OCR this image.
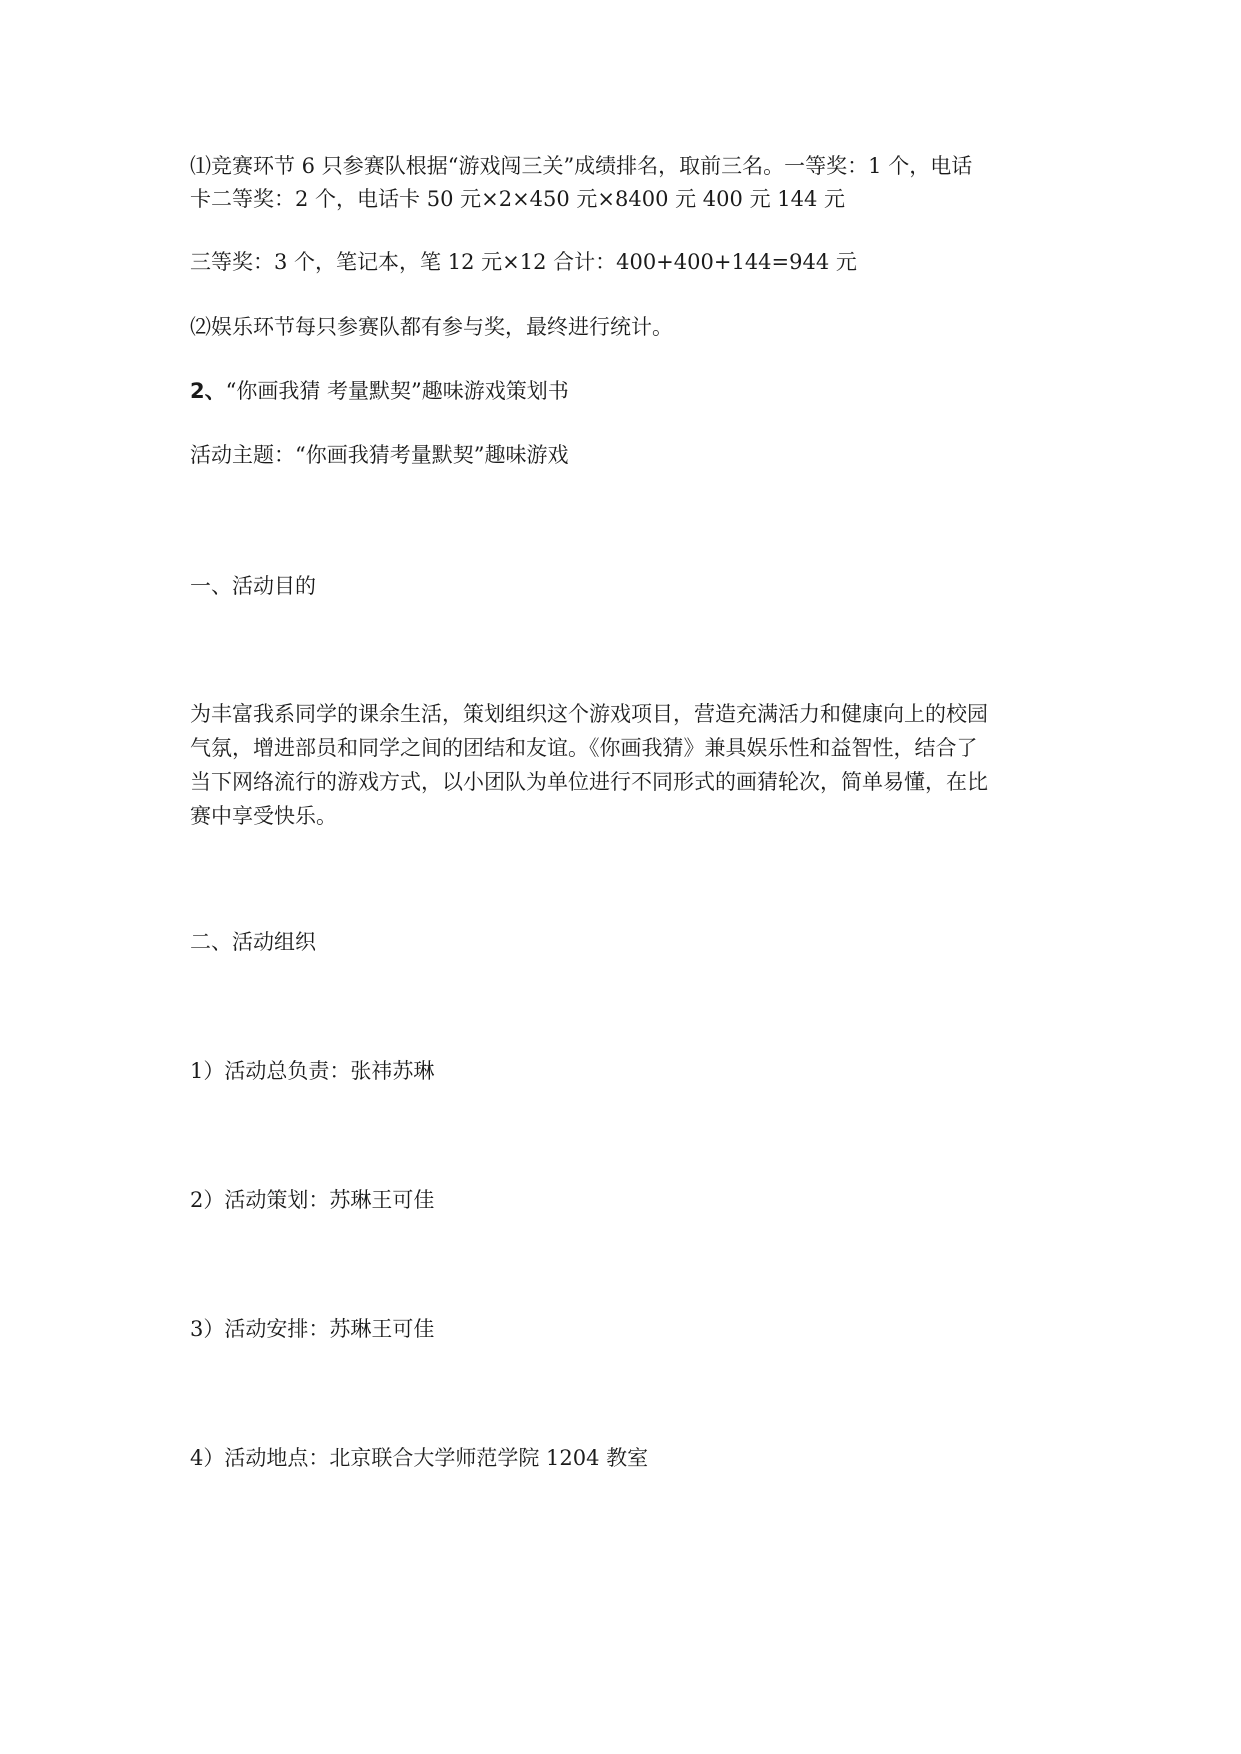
⑴竞赛环节 6 只参赛队根据“游戏闯三关”成绩排名，取前三名。一等奖：1 个，电话
卡二等奖：2 个，电话卡 50 元×2×450 元×8400 元 400 元 144 元
三等奖：3 个，笔记本，笔 12 元×12 合计：400+400+144=944 元
⑵娱乐环节每只参赛队都有参与奖，最终进行统计。
2、“你画我猜 考量默契”趣味游戏策划书
活动主题：“你画我猜考量默契”趣味游戏
一、活动目的
为丰富我系同学的课余生活，策划组织这个游戏项目，营造充满活力和健康向上的校园
气氛，增进部员和同学之间的团结和友谊。《你画我猜》兼具娱乐性和益智性，结合了
当下网络流行的游戏方式，以小团队为单位进行不同形式的画猜轮次，简单易懂，在比
赛中享受快乐。
二、活动组织
1）活动总负责：张祎苏琳
2）活动策划：苏琳王可佳
3）活动安排：苏琳王可佳
4）活动地点：北京联合大学师范学院 1204 教室
